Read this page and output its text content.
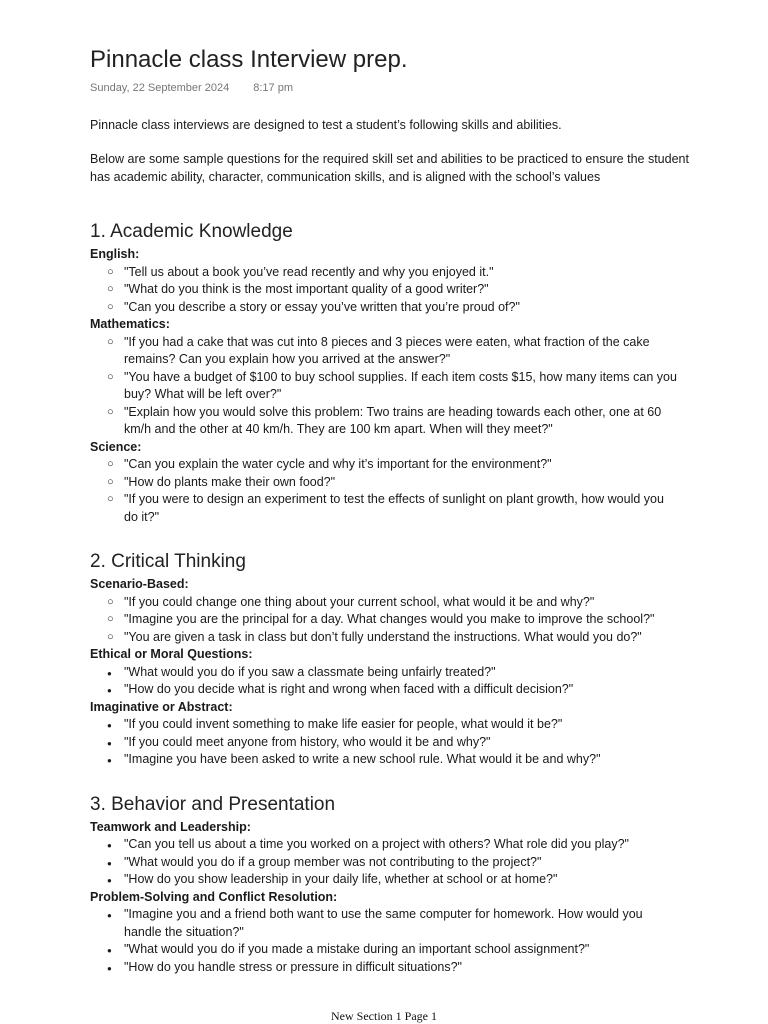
Pinnacle class Interview prep.
Sunday, 22 September 2024 8:17 pm

Pinnacle class interviews are designed to test a student’s following skills and abilities.

Below are some sample questions for the required skill set and abilities to be practiced to ensure the student has academic ability, character, communication skills, and is aligned with the school’s values

1. Academic Knowledge
English:
○ "Tell us about a book you’ve read recently and why you enjoyed it."
○ "What do you think is the most important quality of a good writer?"
○ "Can you describe a story or essay you’ve written that you’re proud of?"
Mathematics:
○ "If you had a cake that was cut into 8 pieces and 3 pieces were eaten, what fraction of the cake remains? Can you explain how you arrived at the answer?"
○ "You have a budget of $100 to buy school supplies. If each item costs $15, how many items can you buy? What will be left over?"
○ "Explain how you would solve this problem: Two trains are heading towards each other, one at 60 km/h and the other at 40 km/h. They are 100 km apart. When will they meet?"
Science:
○ "Can you explain the water cycle and why it’s important for the environment?"
○ "How do plants make their own food?"
○ "If you were to design an experiment to test the effects of sunlight on plant growth, how would you do it?"
2. Critical Thinking
Scenario-Based:
○ "If you could change one thing about your current school, what would it be and why?"
○ "Imagine you are the principal for a day. What changes would you make to improve the school?"
○ "You are given a task in class but don’t fully understand the instructions. What would you do?"
Ethical or Moral Questions:
● "What would you do if you saw a classmate being unfairly treated?"
● "How do you decide what is right and wrong when faced with a difficult decision?"
Imaginative or Abstract:
● "If you could invent something to make life easier for people, what would it be?"
● "If you could meet anyone from history, who would it be and why?"
● "Imagine you have been asked to write a new school rule. What would it be and why?"
3. Behavior and Presentation
Teamwork and Leadership:
● "Can you tell us about a time you worked on a project with others? What role did you play?"
● "What would you do if a group member was not contributing to the project?"
● "How do you show leadership in your daily life, whether at school or at home?"
Problem-Solving and Conflict Resolution:
● "Imagine you and a friend both want to use the same computer for homework. How would you handle the situation?"
● "What would you do if you made a mistake during an important school assignment?"
● "How do you handle stress or pressure in difficult situations?"
New Section 1 Page 1
